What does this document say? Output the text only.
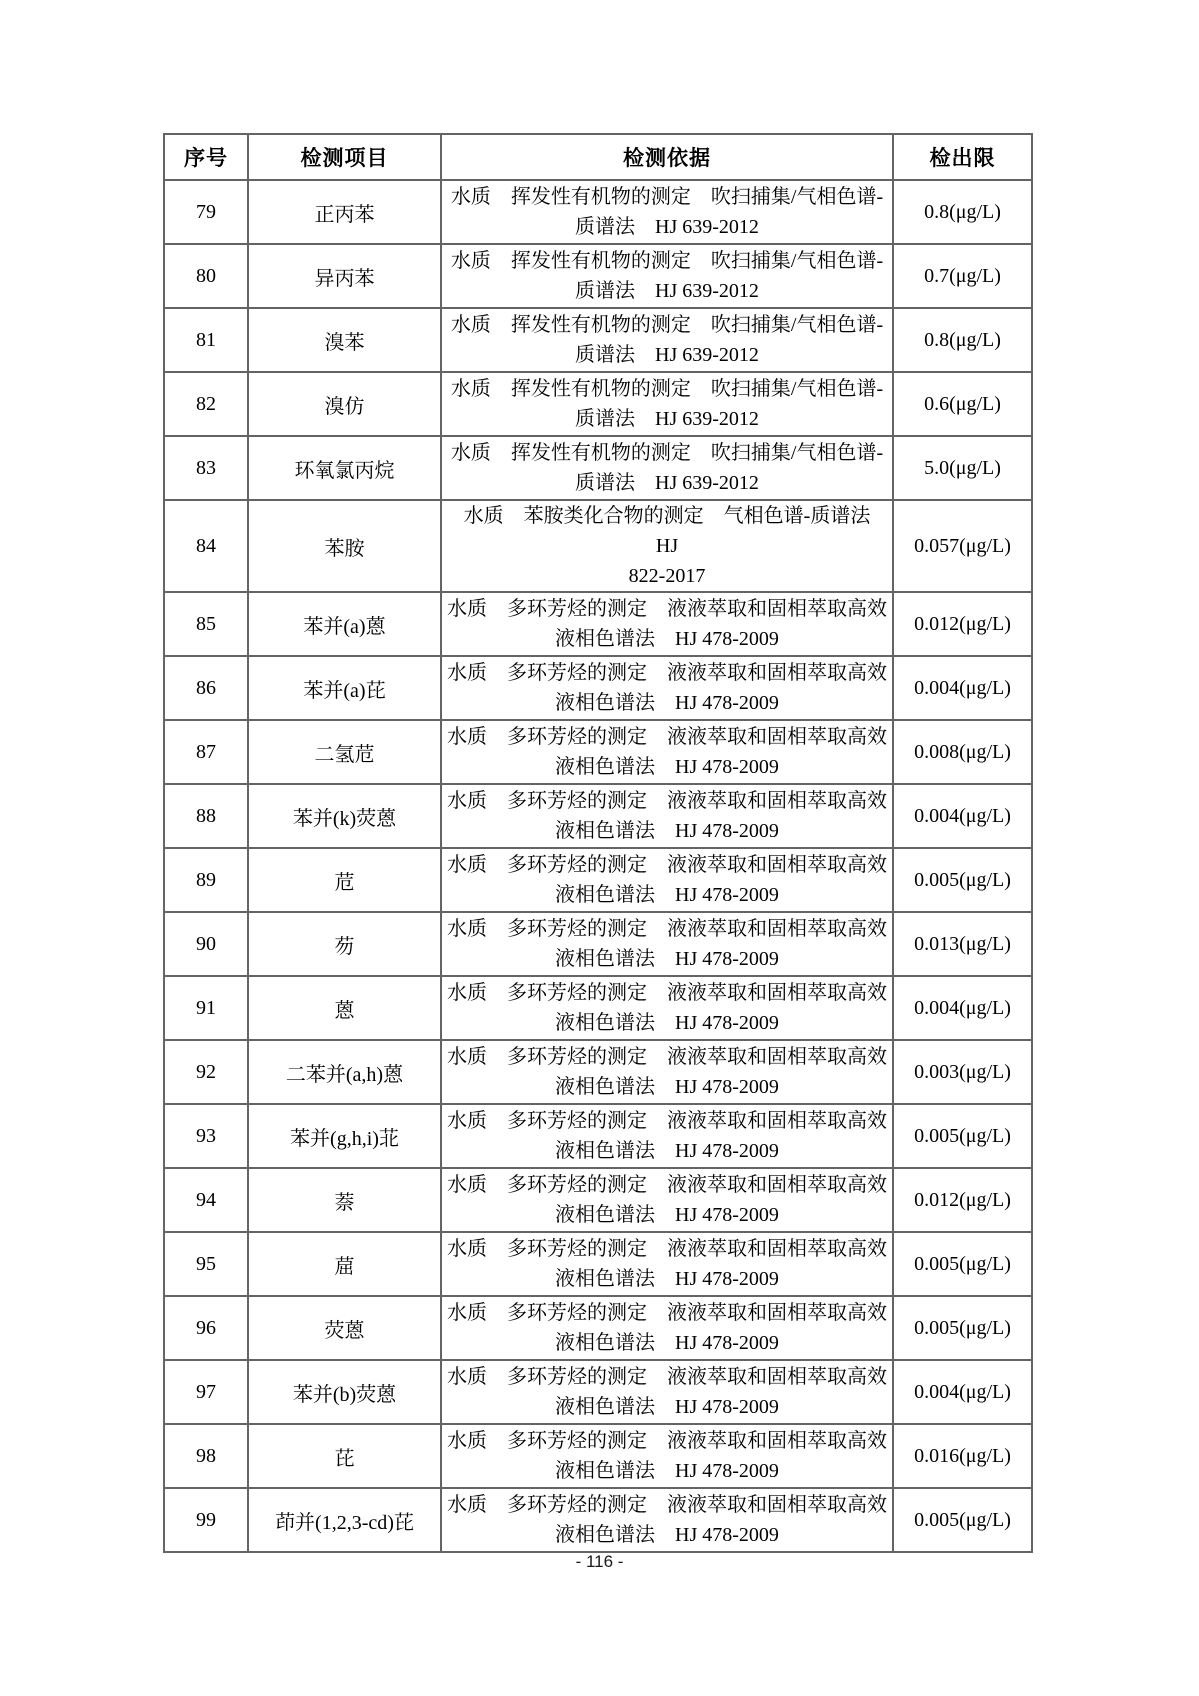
序号	检测项目	检测依据	检出限
79	正丙苯	水质　挥发性有机物的测定　吹扫捕集/气相色谱-
质谱法　HJ 639-2012	0.8(μg/L)
80	异丙苯	水质　挥发性有机物的测定　吹扫捕集/气相色谱-
质谱法　HJ 639-2012	0.7(μg/L)
81	溴苯	水质　挥发性有机物的测定　吹扫捕集/气相色谱-
质谱法　HJ 639-2012	0.8(μg/L)
82	溴仿	水质　挥发性有机物的测定　吹扫捕集/气相色谱-
质谱法　HJ 639-2012	0.6(μg/L)
83	环氧氯丙烷	水质　挥发性有机物的测定　吹扫捕集/气相色谱-
质谱法　HJ 639-2012	5.0(μg/L)
84	苯胺	水质　苯胺类化合物的测定　气相色谱-质谱法　HJ
822-2017	0.057(μg/L)
85	苯并(a)蒽	水质　多环芳烃的测定　液液萃取和固相萃取高效
液相色谱法　HJ 478-2009	0.012(μg/L)
86	苯并(a)芘	水质　多环芳烃的测定　液液萃取和固相萃取高效
液相色谱法　HJ 478-2009	0.004(μg/L)
87	二氢苊	水质　多环芳烃的测定　液液萃取和固相萃取高效
液相色谱法　HJ 478-2009	0.008(μg/L)
88	苯并(k)荧蒽	水质　多环芳烃的测定　液液萃取和固相萃取高效
液相色谱法　HJ 478-2009	0.004(μg/L)
89	苊	水质　多环芳烃的测定　液液萃取和固相萃取高效
液相色谱法　HJ 478-2009	0.005(μg/L)
90	芴	水质　多环芳烃的测定　液液萃取和固相萃取高效
液相色谱法　HJ 478-2009	0.013(μg/L)
91	蒽	水质　多环芳烃的测定　液液萃取和固相萃取高效
液相色谱法　HJ 478-2009	0.004(μg/L)
92	二苯并(a,h)蒽	水质　多环芳烃的测定　液液萃取和固相萃取高效
液相色谱法　HJ 478-2009	0.003(μg/L)
93	苯并(g,h,i)苝	水质　多环芳烃的测定　液液萃取和固相萃取高效
液相色谱法　HJ 478-2009	0.005(μg/L)
94	萘	水质　多环芳烃的测定　液液萃取和固相萃取高效
液相色谱法　HJ 478-2009	0.012(μg/L)
95	䓛	水质　多环芳烃的测定　液液萃取和固相萃取高效
液相色谱法　HJ 478-2009	0.005(μg/L)
96	荧蒽	水质　多环芳烃的测定　液液萃取和固相萃取高效
液相色谱法　HJ 478-2009	0.005(μg/L)
97	苯并(b)荧蒽	水质　多环芳烃的测定　液液萃取和固相萃取高效
液相色谱法　HJ 478-2009	0.004(μg/L)
98	芘	水质　多环芳烃的测定　液液萃取和固相萃取高效
液相色谱法　HJ 478-2009	0.016(μg/L)
99	茚并(1,2,3-cd)芘	水质　多环芳烃的测定　液液萃取和固相萃取高效
液相色谱法　HJ 478-2009	0.005(μg/L)
- 116 -
